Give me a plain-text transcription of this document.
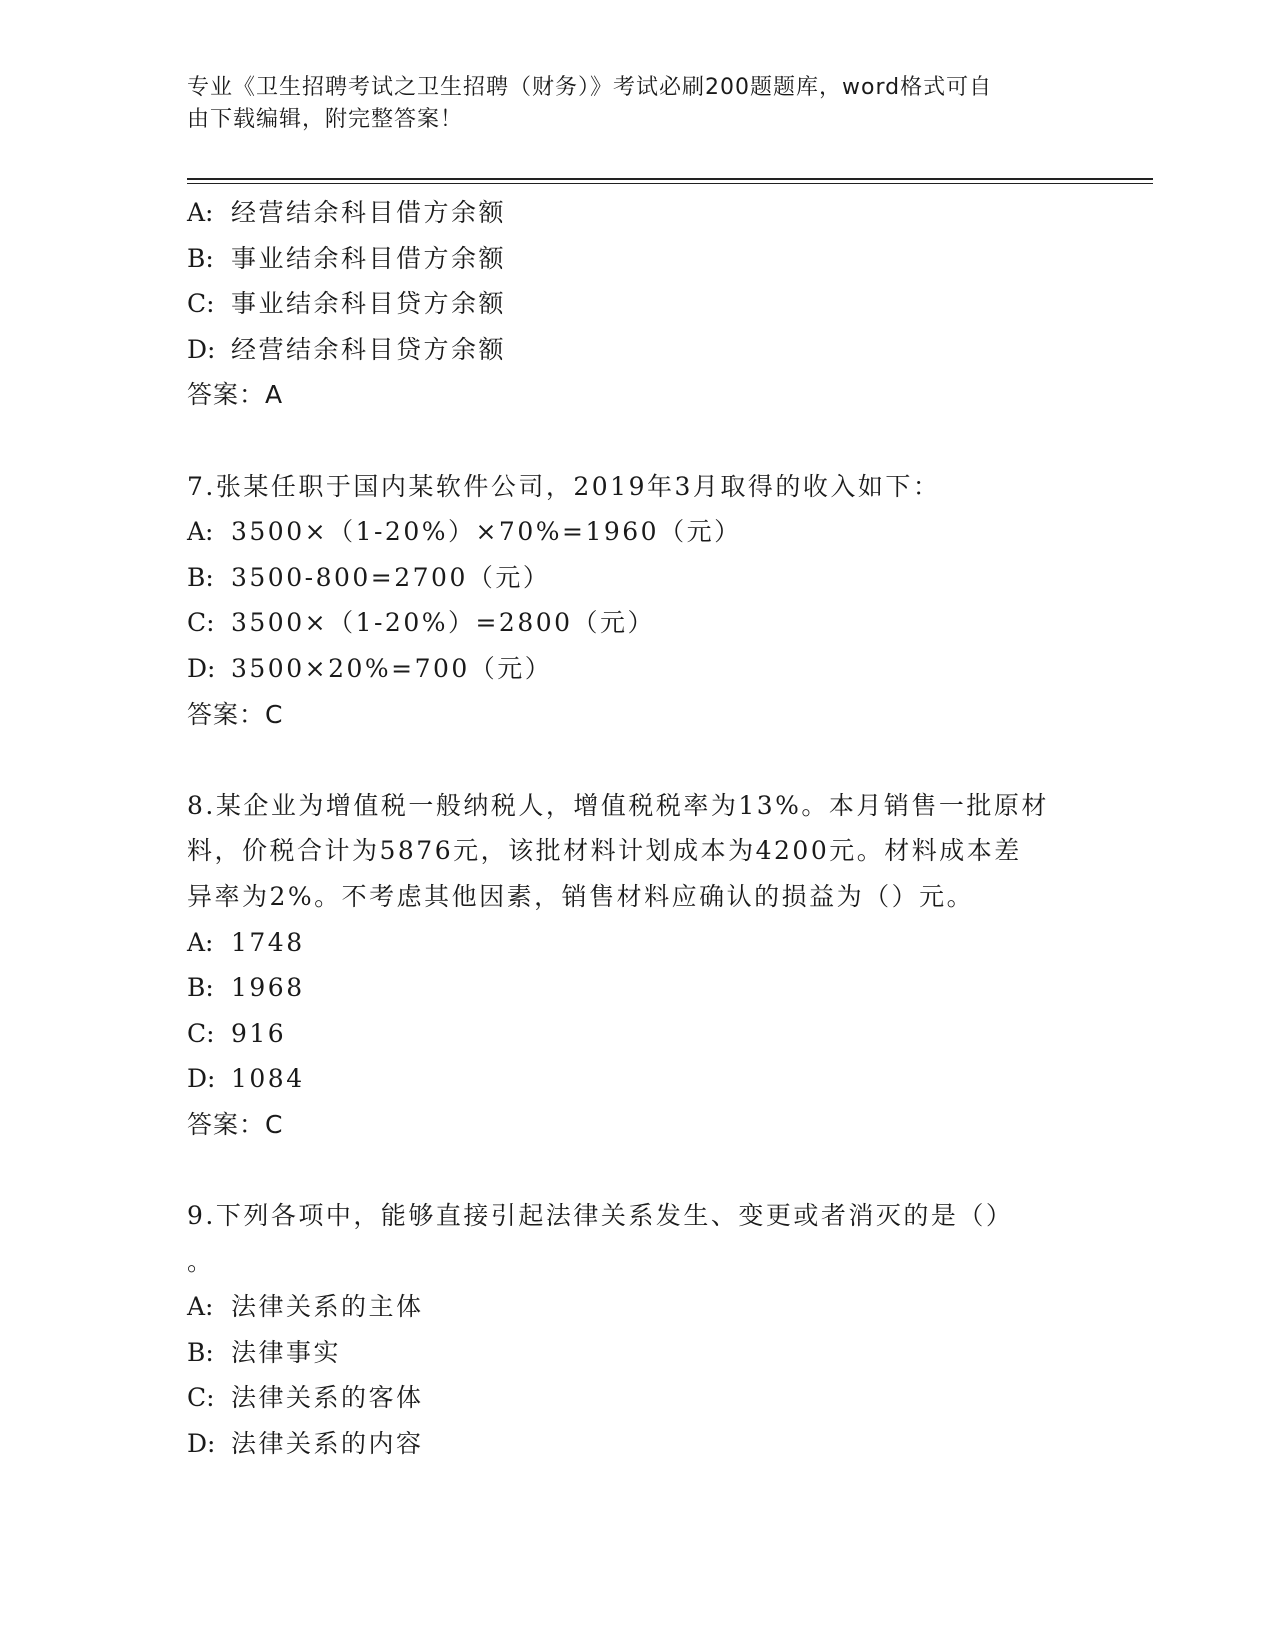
专业《卫生招聘考试之卫生招聘（财务）》考试必刷200题题库，word格式可自
由下载编辑，附完整答案！
A: 经营结余科目借方余额
B: 事业结余科目借方余额
C: 事业结余科目贷方余额
D: 经营结余科目贷方余额
答案：A
7.张某任职于国内某软件公司，2019年3月取得的收入如下：
A: 3500×（1-20%）×70%=1960（元）
B: 3500-800=2700（元）
C: 3500×（1-20%）=2800（元）
D: 3500×20%=700（元）
答案：C
8.某企业为增值税一般纳税人，增值税税率为13%。本月销售一批原材
料，价税合计为5876元，该批材料计划成本为4200元。材料成本差
异率为2%。不考虑其他因素，销售材料应确认的损益为（）元。
A: 1748
B: 1968
C: 916
D: 1084
答案：C
9.下列各项中，能够直接引起法律关系发生、变更或者消灭的是（）
。
A: 法律关系的主体
B: 法律事实
C: 法律关系的客体
D: 法律关系的内容
